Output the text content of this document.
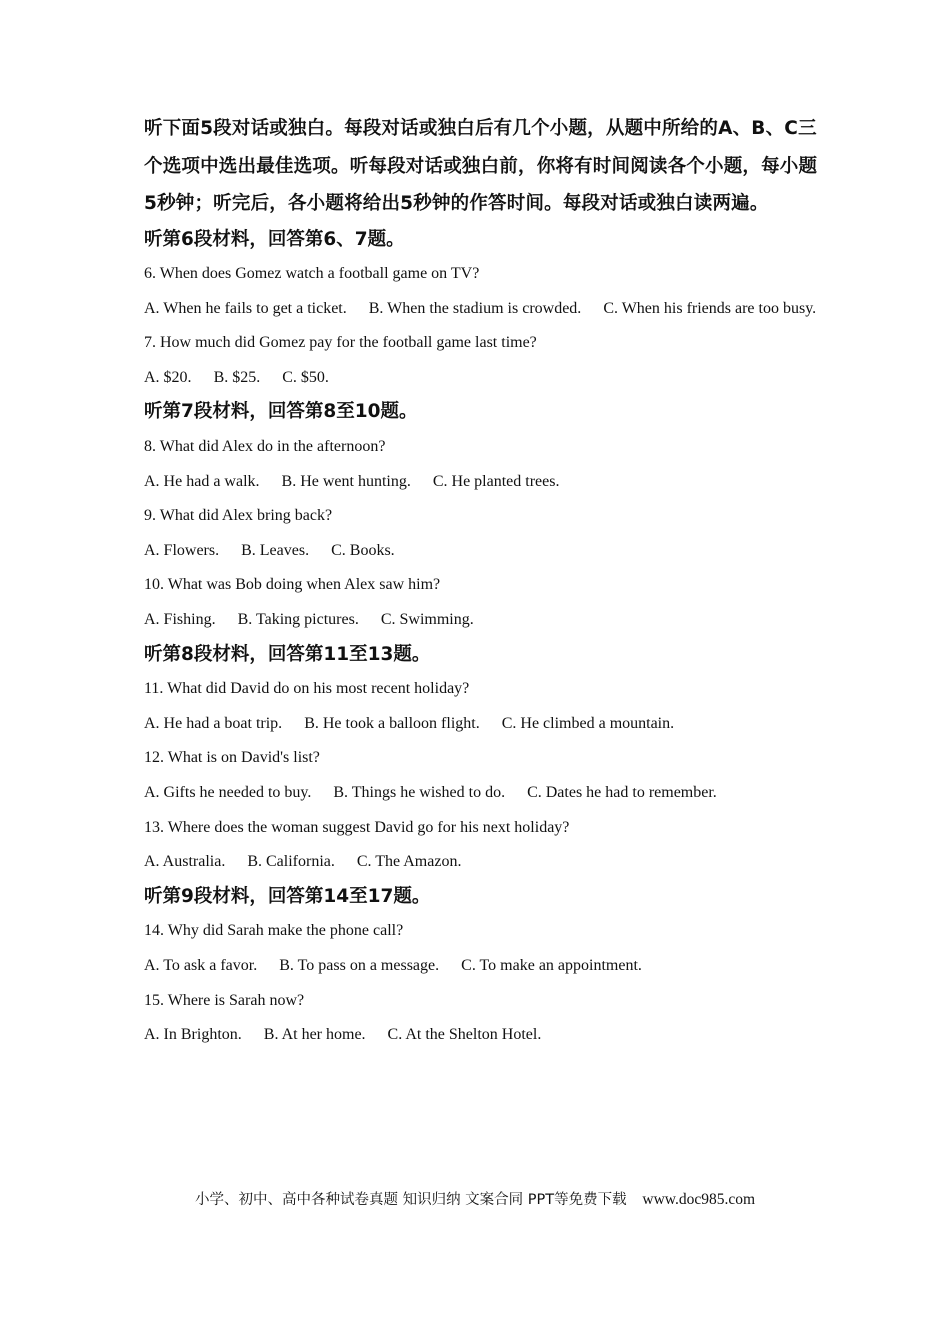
听下面5段对话或独白。每段对话或独白后有几个小题，从题中所给的A、B、C三个选项中选出最佳选项。听每段对话或独白前，你将有时间阅读各个小题，每小题5秒钟；听完后，各小题将给出5秒钟的作答时间。每段对话或独白读两遍。

听第6段材料，回答第6、7题。

6. When does Gomez watch a football game on TV?

A. When he fails to get a ticket. B. When the stadium is crowded. C. When his friends are too busy.

7. How much did Gomez pay for the football game last time?

A. $20. B. $25. C. $50.

听第7段材料，回答第8至10题。

8. What did Alex do in the afternoon?

A. He had a walk. B. He went hunting. C. He planted trees.

9. What did Alex bring back?

A. Flowers. B. Leaves. C. Books.

10. What was Bob doing when Alex saw him?

A. Fishing. B. Taking pictures. C. Swimming.

听第8段材料，回答第11至13题。

11. What did David do on his most recent holiday?

A. He had a boat trip. B. He took a balloon flight. C. He climbed a mountain.

12. What is on David's list?

A. Gifts he needed to buy. B. Things he wished to do. C. Dates he had to remember.

13. Where does the woman suggest David go for his next holiday?

A. Australia. B. California. C. The Amazon.

听第9段材料，回答第14至17题。

14. Why did Sarah make the phone call?

A. To ask a favor. B. To pass on a message. C. To make an appointment.

15. Where is Sarah now?

A. In Brighton. B. At her home. C. At the Shelton Hotel.

小学、初中、高中各种试卷真题 知识归纳 文案合同 PPT等免费下载 www.doc985.com
